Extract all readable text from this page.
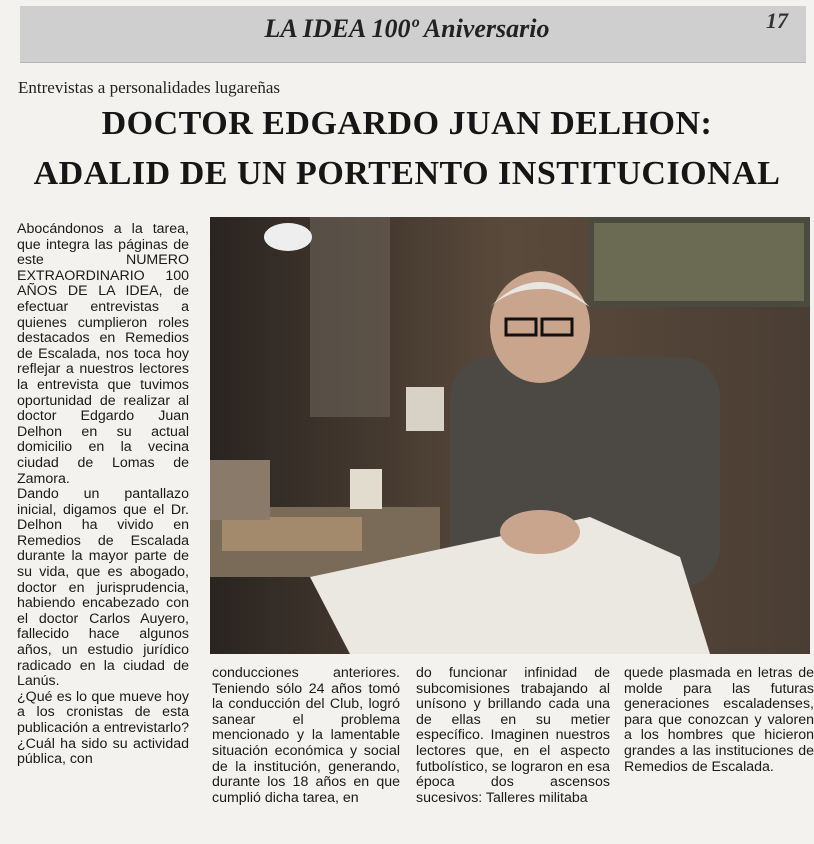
LA IDEA 100º Aniversario	17
Entrevistas a personalidades lugareñas
DOCTOR EDGARDO JUAN DELHON:
ADALID DE UN PORTENTO INSTITUCIONAL

Abocándonos a la tarea, que integra las páginas de este NUMERO EXTRAORDINARIO 100 AÑOS DE LA IDEA, de efectuar entrevistas a quienes cumplieron roles destacados en Remedios de Escalada, nos toca hoy reflejar a nuestros lectores la entrevista que tuvimos oportunidad de realizar al doctor Edgardo Juan Delhon en su actual domicilio en la vecina ciudad de Lomas de Zamora.

Dando un pantallazo inicial, digamos que el Dr. Delhon ha vivido en Remedios de Escalada durante la mayor parte de su vida, que es abogado, doctor en jurisprudencia, habiendo encabezado con el doctor Carlos Auyero, fallecido hace algunos años, un estudio jurídico radicado en la ciudad de Lanús.

¿Qué es lo que mueve hoy a los cronistas de esta publicación a entrevistarlo? ¿Cuál ha sido su actividad pública, con

conducciones anteriores. Teniendo sólo 24 años tomó la conducción del Club, logró sanear el problema mencionado y la lamentable situación económica y social de la institución, generando, durante los 18 años en que cumplió dicha tarea, en
do funcionar infinidad de subcomisiones trabajando al unísono y brillando cada una de ellas en su metier específico. Imaginen nuestros lectores que, en el aspecto futbolístico, se lograron en esa época dos ascensos sucesivos: Talleres militaba
quede plasmada en letras de molde para las futuras generaciones escaladenses, para que conozcan y valoren a los hombres que hicieron grandes a las instituciones de Remedios de Escalada.
